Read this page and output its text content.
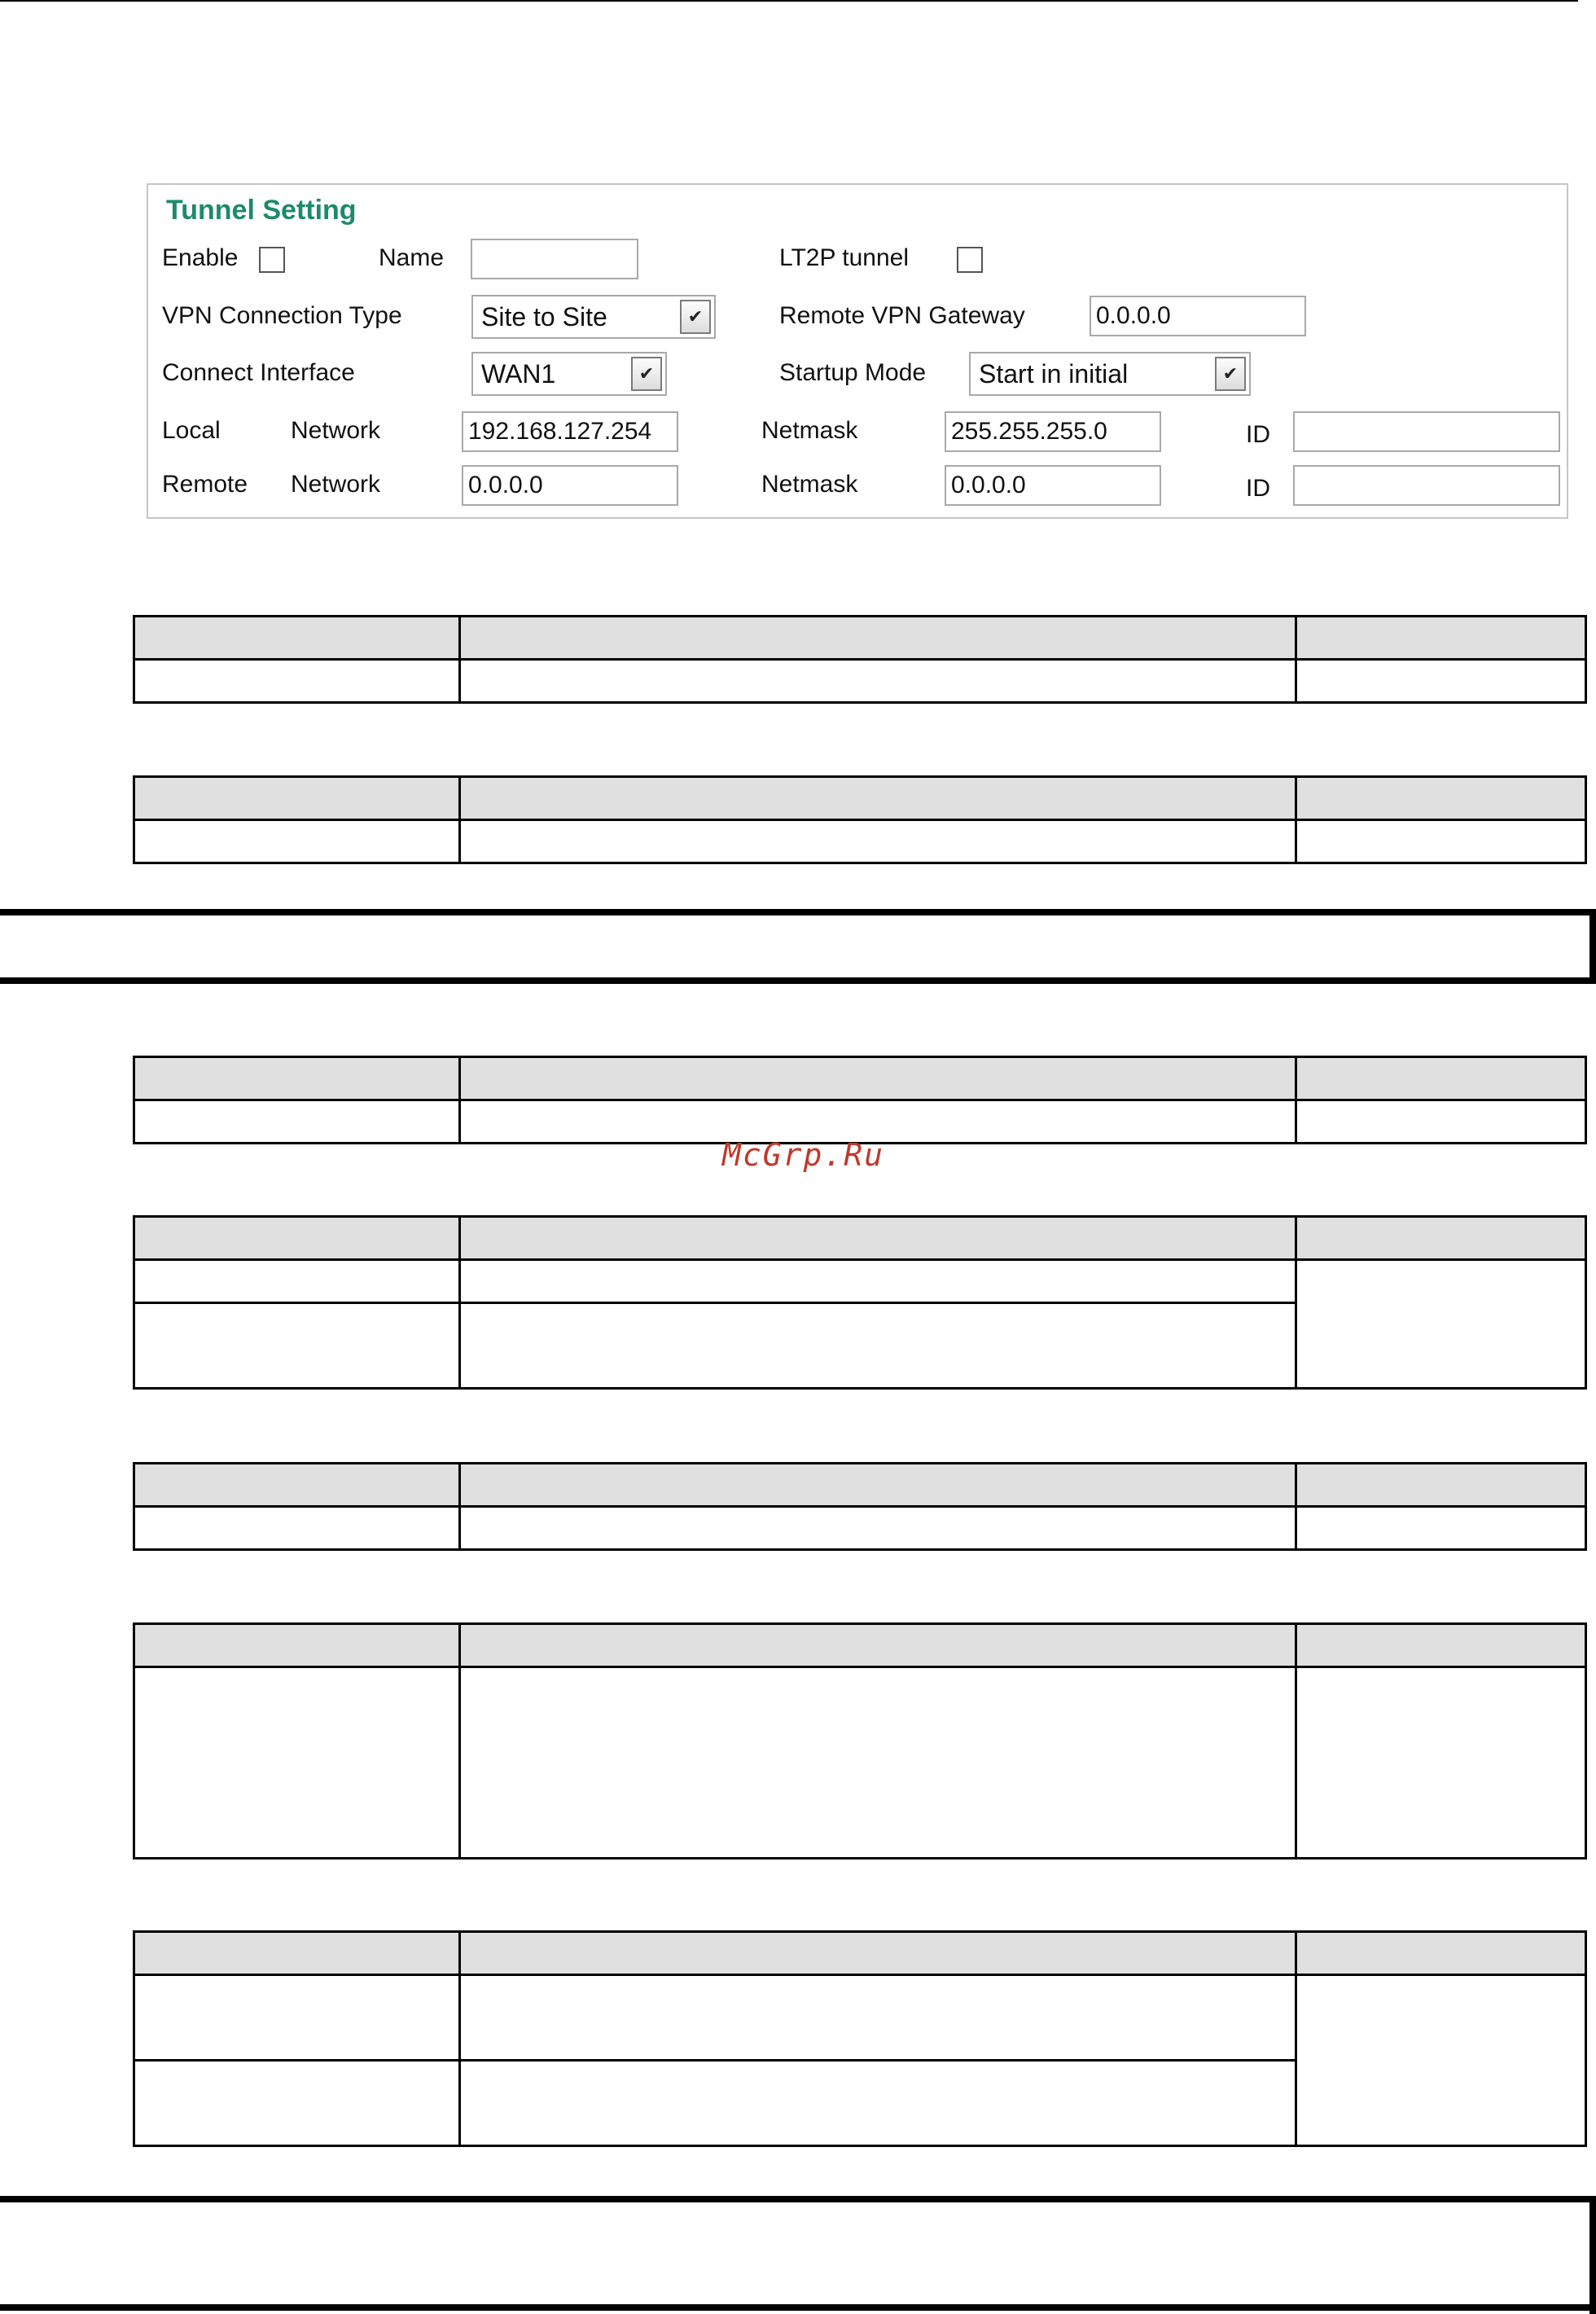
Tunnel Setting
Enable	Name	LT2P tunnel
VPN Connection Type	Site to Site	✔	Remote VPN Gateway	0.0.0.0
Connect Interface	WAN1	✔	Startup Mode Start in initial	✔
Local	Network	192.168.127.254	Netmask	255.255.255.0	ID
Remote Network	0.0.0.0	Netmask	0.0.0.0	ID

McGrp.Ru
